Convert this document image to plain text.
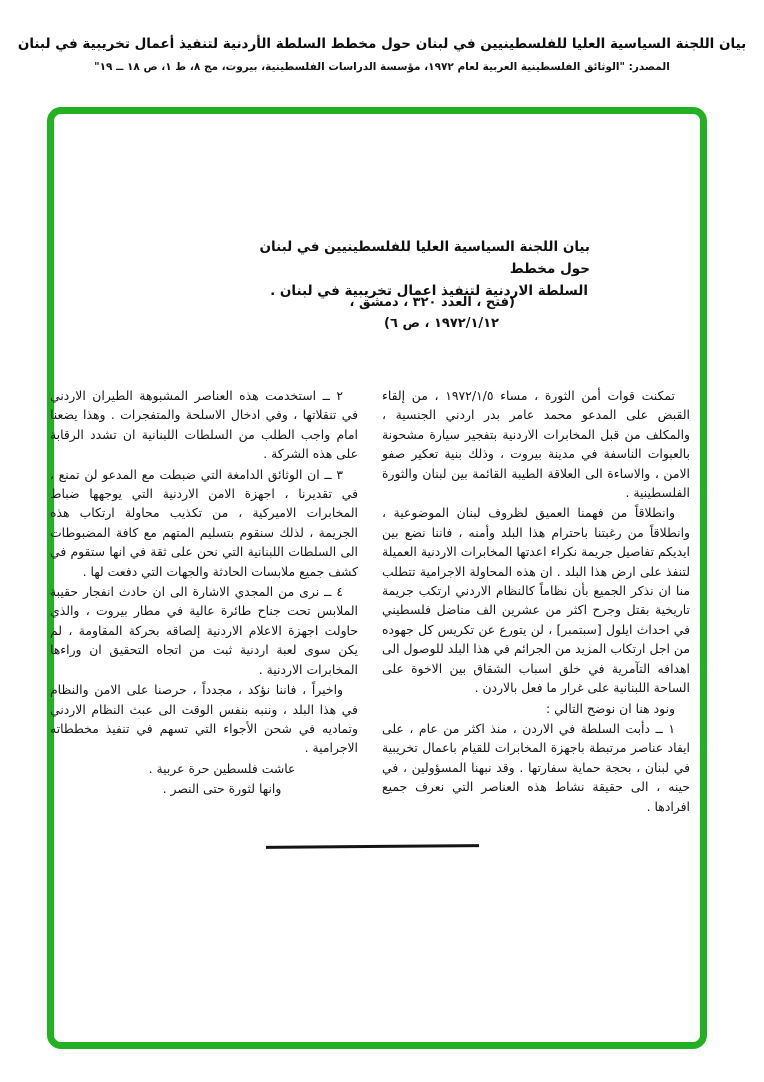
بيان اللجنة السياسية العليا للفلسطينيين في لبنان حول مخطط السلطة الأردنية لتنفيذ أعمال تخريبية في لبنان
المصدر: "الوثائق الفلسطينية العربية لعام ١٩٧٢، مؤسسة الدراسات الفلسطينية، بيروت، مج ٨، ط ١، ص ١٨ ــ ١٩"
بيان اللجنة السياسية العليا للفلسطينيين في لبنان حول مخطط
السلطة الاردنية لتنفيذ اعمال تخريبية في لبنان .
(فتح ، العدد ٣٢٠ ، دمشق ،
١٩٧٢/١/١٢ ، ص ٦)

تمكنت قوات أمن الثورة ، مساء ١٩٧٢/١/٥ ، من إلقاء القبض على المدعو محمد عامر بدر اردني الجنسية ، والمكلف من قبل المخابرات الاردنية بتفجير سيارة مشحونة بالعبوات الناسفة في مدينة بيروت ، وذلك بنية تعكير صفو الامن ، والاساءة الى العلاقة الطيبة القائمة بين لبنان والثورة الفلسطينية .

وانطلاقاً من فهمنا العميق لظروف لبنان الموضوعية ، وانطلاقاً من رغبتنا باحترام هذا البلد وأمنه ، فاننا نضع بين ايديكم تفاصيل جريمة نكراء اعدتها المخابرات الاردنية العميلة لتنفذ على ارض هذا البلد . ان هذه المحاولة الاجرامية تتطلب منا ان نذكر الجميع بأن نظاماً كالنظام الاردني ارتكب جريمة تاريخية بقتل وجرح اكثر من عشرين الف مناضل فلسطيني في احداث ايلول [سبتمبر] ، لن يتورع عن تكريس كل جهوده من اجل ارتكاب المزيد من الجرائم في هذا البلد للوصول الى اهدافه التآمرية في خلق اسباب الشقاق بين الاخوة على الساحة اللبنانية على غرار ما فعل بالاردن .

ونود هنا ان نوضح التالي :

١ ــ دأبت السلطة في الاردن ، منذ اكثر من عام ، على ايفاد عناصر مرتبطة باجهزة المخابرات للقيام باعمال تخريبية في لبنان ، بحجة حماية سفارتها . وقد نبهنا المسؤولين ، في حينه ، الى حقيقة نشاط هذه العناصر التي نعرف جميع افرادها .

٢ ــ استخدمت هذه العناصر المشبوهة الطيران الاردني في تنقلاتها ، وفي ادخال الاسلحة والمتفجرات . وهذا يضعنا امام واجب الطلب من السلطات اللبنانية ان تشدد الرقابة على هذه الشركة .

٣ ــ ان الوثائق الدامغة التي ضبطت مع المدعو لن تمنع ، في تقديرنا ، اجهزة الامن الاردنية التي يوجهها ضباط المخابرات الاميركية ، من تكذيب محاولة ارتكاب هذه الجريمة ، لذلك سنقوم بتسليم المتهم مع كافة المضبوطات الى السلطات اللبنانية التي نحن على ثقة في انها ستقوم في كشف جميع ملابسات الحادثة والجهات التي دفعت لها .

٤ ــ نرى من المجدي الاشارة الى ان حادث انفجار حقيبة الملابس تحت جناح طائرة عالية في مطار بيروت ، والذي حاولت اجهزة الاعلام الاردنية إلصاقه بحركة المقاومة ، لم يكن سوى لعبة اردنية ثبت من اتجاه التحقيق ان وراءها المخابرات الاردنية .

واخيراً ، فاننا نؤكد ، مجدداً ، حرصنا على الامن والنظام في هذا البلد ، وننبه بنفس الوقت الى عبث النظام الاردني وتماديه في شحن الأجواء التي تسهم في تنفيذ مخططاته الاجرامية .

عاشت فلسطين حرة عربية .

وانها لثورة حتى النصر .
